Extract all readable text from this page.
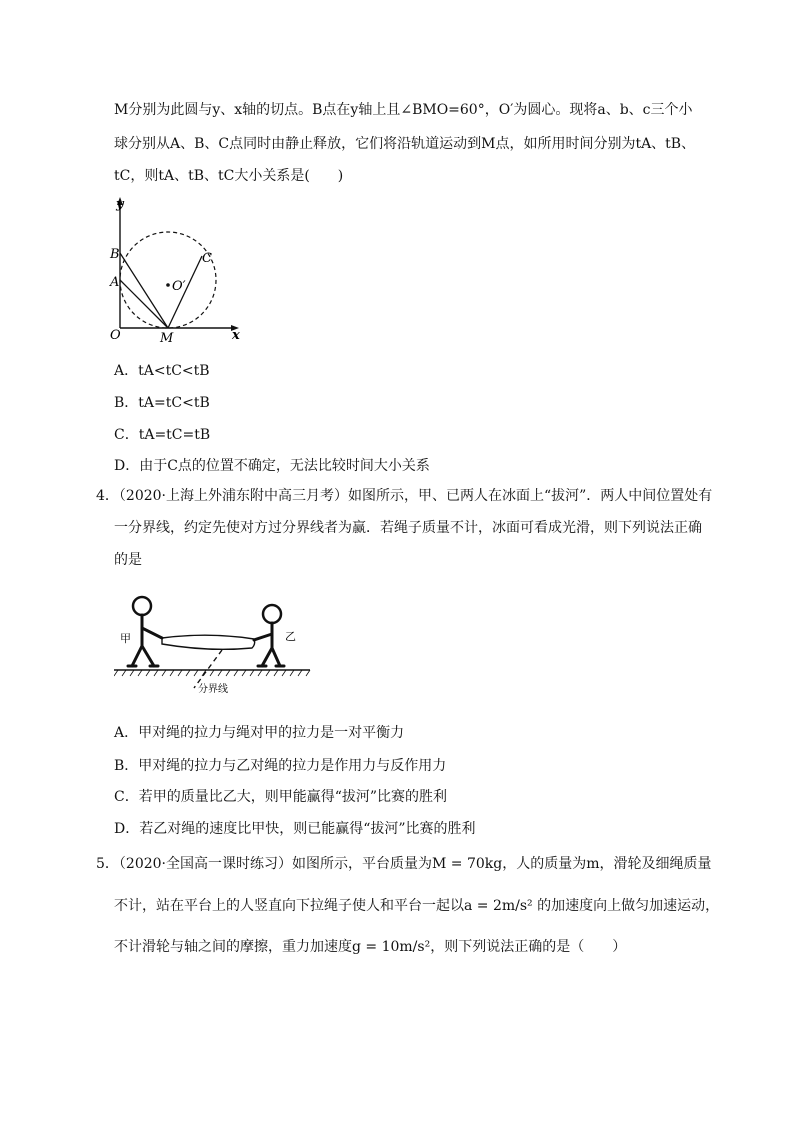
M分别为此圆与y、x轴的切点。B点在y轴上且∠BMO=60°，O′为圆心。现将a、b、c三个小
球分别从A、B、C点同时由静止释放，它们将沿轨道运动到M点，如所用时间分别为tA、tB、
tC，则tA、tB、tC大小关系是(　　)
y
B
A
C
O′
O	M	x
A．tA<tC<tB
B．tA=tC<tB
C．tA=tC=tB
D．由于C点的位置不确定，无法比较时间大小关系
4．（2020·上海上外浦东附中高三月考）如图所示，甲、已两人在冰面上“拔河”．两人中间位置处有
一分界线，约定先使对方过分界线者为赢．若绳子质量不计，冰面可看成光滑，则下列说法正确
的是
甲	乙
分界线
A．甲对绳的拉力与绳对甲的拉力是一对平衡力
B．甲对绳的拉力与乙对绳的拉力是作用力与反作用力
C．若甲的质量比乙大，则甲能赢得“拔河”比赛的胜利
D．若乙对绳的速度比甲快，则已能赢得“拔河”比赛的胜利
5．（2020·全国高一课时练习）如图所示，平台质量为M = 70kg，人的质量为m，滑轮及细绳质量
不计，站在平台上的人竖直向下拉绳子使人和平台一起以a = 2m/s² 的加速度向上做匀加速运动，
不计滑轮与轴之间的摩擦，重力加速度g = 10m/s²，则下列说法正确的是（　　）
